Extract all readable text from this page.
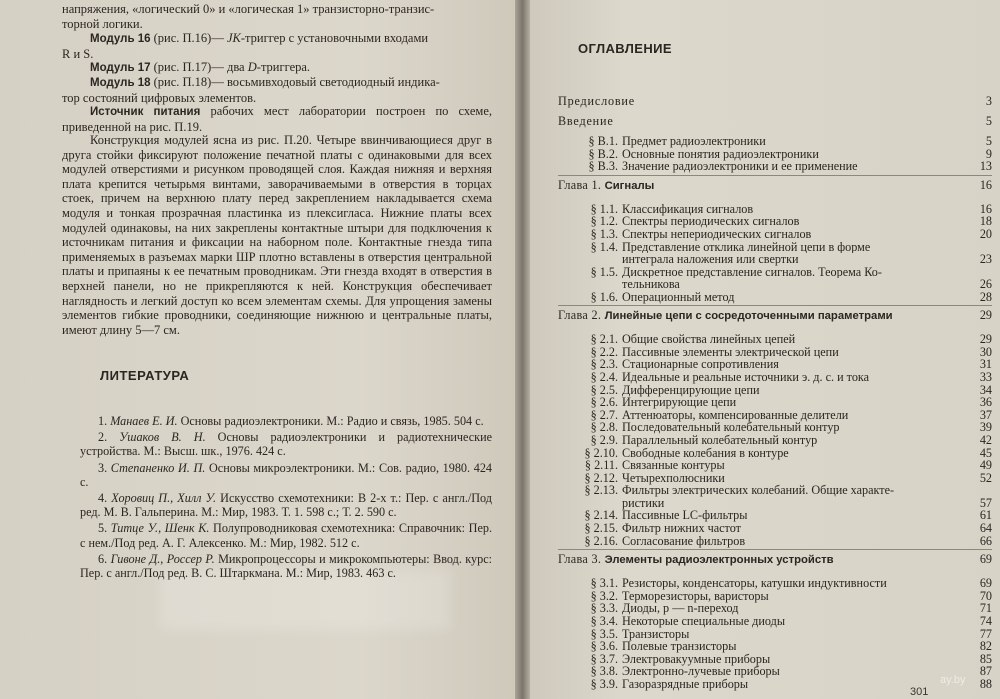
напряжения, «логический 0» и «логическая 1» транзисторно-транзис-
торной логики.

Модуль 16 (рис. П.16)— JK-триггер с установочными входами
R и S.

Модуль 17 (рис. П.17)— два D-триггера.

Модуль 18 (рис. П.18)— восьмивходовый светодиодный индика-
тор состояний цифровых элементов.

Источник питания рабочих мест лаборатории построен по схеме, приведенной на рис. П.19.

Конструкция модулей ясна из рис. П.20. Четыре ввинчивающиеся друг в друга стойки фиксируют положение печатной платы с одинаковыми для всех модулей отверстиями и рисунком проводящей слоя. Каждая нижняя и верхняя плата крепится четырьмя винтами, заворачиваемыми в отверстия в торцах стоек, причем на верхнюю плату перед закреплением накладывается схема модуля и тонкая прозрачная пластинка из плексигласа. Нижние платы всех модулей одинаковы, на них закреплены контактные штыри для подключения к источникам питания и фиксации на наборном поле. Контактные гнезда типа применяемых в разъемах марки ШР плотно вставлены в отверстия центральной платы и припаяны к ее печатным проводникам. Эти гнезда входят в отверстия в верхней панели, но не прикрепляются к ней. Конструкция обеспечивает наглядность и легкий доступ ко всем элементам схемы. Для упрощения замены элементов гибкие проводники, соединяющие нижнюю и центральные платы, имеют длину 5—7 см.

ЛИТЕРАТУРА
1. Манаев Е. И. Основы радиоэлектроники. М.: Радио и связь, 1985. 504 с.
2. Ушаков В. Н. Основы радиоэлектроники и радиотехнические устройства. М.: Высш. шк., 1976. 424 с.
3. Степаненко И. П. Основы микроэлектроники. М.: Сов. радио, 1980. 424 с.
4. Хоровиц П., Хилл У. Искусство схемотехники: В 2-х т.: Пер. с англ./Под ред. М. В. Гальперина. М.: Мир, 1983. Т. 1. 598 с.; Т. 2. 590 с.
5. Титце У., Шенк К. Полупроводниковая схемотехника: Справочник: Пер. с нем./Под ред. А. Г. Алексенко. М.: Мир, 1982. 512 с.
6. Гивоне Д., Россер Р. Микропроцессоры и микрокомпьютеры: Ввод. курс: Пер. с англ./Под ред. В. С. Штаркмана. М.: Мир, 1983. 463 с.
ОГЛАВЛЕНИЕ
Предисловие	3
Введение	5
§ B.1. Предмет радиоэлектроники	5
§ B.2. Основные понятия радиоэлектроники	9
§ B.3. Значение радиоэлектроники и ее применение	13
Глава 1. Сигналы	16
§ 1.1. Классификация сигналов	16
§ 1.2. Спектры периодических сигналов	18
§ 1.3. Спектры непериодических сигналов	20
§ 1.4. Представление отклика линейной цепи в форме
интеграла наложения или свертки	23
§ 1.5. Дискретное представление сигналов. Теорема Ко-
тельникова	26
§ 1.6. Операционный метод	28
Глава 2. Линейные цепи с сосредоточенными параметрами	29
§ 2.1. Общие свойства линейных цепей	29
§ 2.2. Пассивные элементы электрической цепи	30
§ 2.3. Стационарные сопротивления	31
§ 2.4. Идеальные и реальные источники э. д. с. и тока	33
§ 2.5. Дифференцирующие цепи	34
§ 2.6. Интегрирующие цепи	36
§ 2.7. Аттенюаторы, компенсированные делители	37
§ 2.8. Последовательный колебательный контур	39
§ 2.9. Параллельный колебательный контур	42
§ 2.10. Свободные колебания в контуре	45
§ 2.11. Связанные контуры	49
§ 2.12. Четырехполюсники	52
§ 2.13. Фильтры электрических колебаний. Общие характе-
ристики	57
§ 2.14. Пассивные LC-фильтры	61
§ 2.15. Фильтр нижних частот	64
§ 2.16. Согласование фильтров	66
Глава 3. Элементы радиоэлектронных устройств	69
§ 3.1. Резисторы, конденсаторы, катушки индуктивности	69
§ 3.2. Терморезисторы, варисторы	70
§ 3.3. Диоды, p — n-переход	71
§ 3.4. Некоторые специальные диоды	74
§ 3.5. Транзисторы	77
§ 3.6. Полевые транзисторы	82
§ 3.7. Электровакуумные приборы	85
§ 3.8. Электронно-лучевые приборы	87
§ 3.9. Газоразрядные приборы	88
ay.by
301
